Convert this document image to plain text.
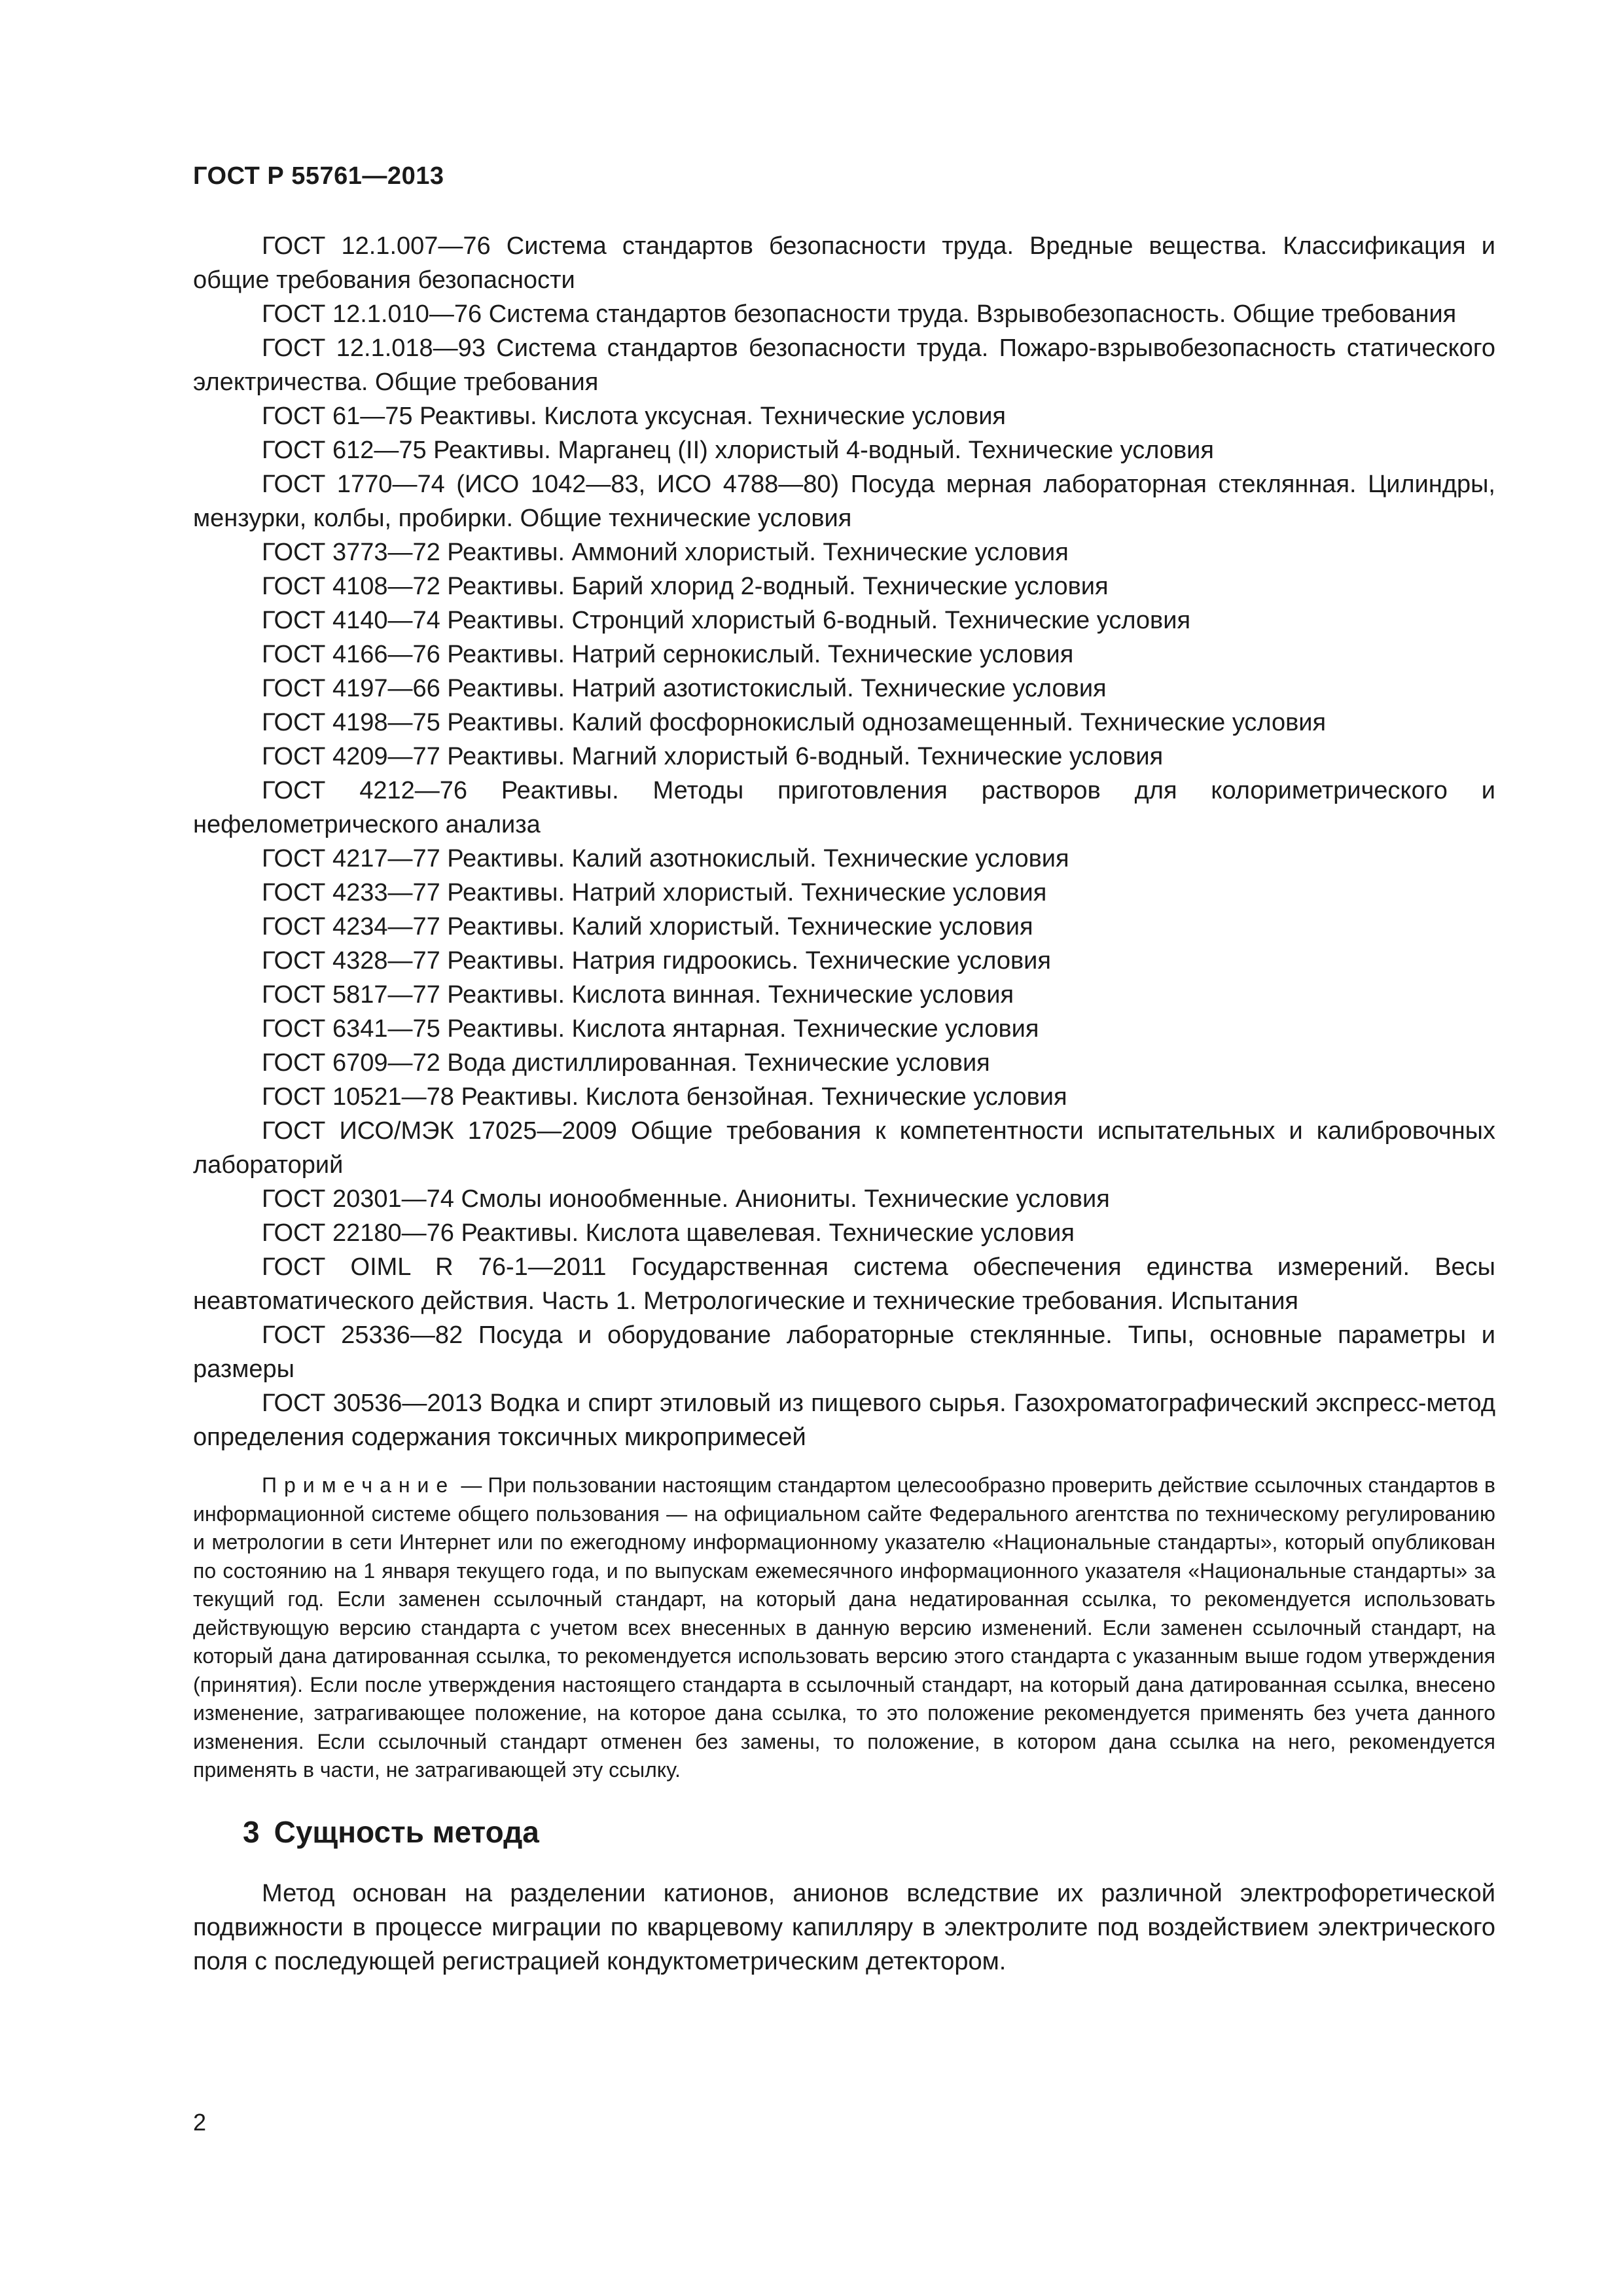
ГОСТ Р 55761—2013

ГОСТ 12.1.007—76 Система стандартов безопасности труда. Вредные вещества. Классификация и общие требования безопасности

ГОСТ 12.1.010—76 Система стандартов безопасности труда. Взрывобезопасность. Общие требования

ГОСТ 12.1.018—93 Система стандартов безопасности труда. Пожаро-взрывобезопасность статического электричества. Общие требования

ГОСТ 61—75 Реактивы. Кислота уксусная. Технические условия

ГОСТ 612—75 Реактивы. Марганец (II) хлористый 4-водный. Технические условия

ГОСТ 1770—74 (ИСО 1042—83, ИСО 4788—80) Посуда мерная лабораторная стеклянная. Цилиндры, мензурки, колбы, пробирки. Общие технические условия

ГОСТ 3773—72 Реактивы. Аммоний хлористый. Технические условия

ГОСТ 4108—72 Реактивы. Барий хлорид 2-водный. Технические условия

ГОСТ 4140—74 Реактивы. Стронций хлористый 6-водный. Технические условия

ГОСТ 4166—76 Реактивы. Натрий сернокислый. Технические условия

ГОСТ 4197—66 Реактивы. Натрий азотистокислый. Технические условия

ГОСТ 4198—75 Реактивы. Калий фосфорнокислый однозамещенный. Технические условия

ГОСТ 4209—77 Реактивы. Магний хлористый 6-водный. Технические условия

ГОСТ 4212—76 Реактивы. Методы приготовления растворов для колориметрического и нефелометрического анализа

ГОСТ 4217—77 Реактивы. Калий азотнокислый. Технические условия

ГОСТ 4233—77 Реактивы. Натрий хлористый. Технические условия

ГОСТ 4234—77 Реактивы. Калий хлористый. Технические условия

ГОСТ 4328—77 Реактивы. Натрия гидроокись. Технические условия

ГОСТ 5817—77 Реактивы. Кислота винная. Технические условия

ГОСТ 6341—75 Реактивы. Кислота янтарная. Технические условия

ГОСТ 6709—72 Вода дистиллированная. Технические условия

ГОСТ 10521—78 Реактивы. Кислота бензойная. Технические условия

ГОСТ ИСО/МЭК 17025—2009 Общие требования к компетентности испытательных и калибровочных лабораторий

ГОСТ 20301—74 Смолы ионообменные. Аниониты. Технические условия

ГОСТ 22180—76 Реактивы. Кислота щавелевая. Технические условия

ГОСТ OIML R 76-1—2011 Государственная система обеспечения единства измерений. Весы неавтоматического действия. Часть 1. Метрологические и технические требования. Испытания

ГОСТ 25336—82 Посуда и оборудование лабораторные стеклянные. Типы, основные параметры и размеры

ГОСТ 30536—2013 Водка и спирт этиловый из пищевого сырья. Газохроматографический экспресс-метод определения содержания токсичных микропримесей

Примечание — При пользовании настоящим стандартом целесообразно проверить действие ссылочных стандартов в информационной системе общего пользования — на официальном сайте Федерального агентства по техническому регулированию и метрологии в сети Интернет или по ежегодному информационному указателю «Национальные стандарты», который опубликован по состоянию на 1 января текущего года, и по выпускам ежемесячного информационного указателя «Национальные стандарты» за текущий год. Если заменен ссылочный стандарт, на который дана недатированная ссылка, то рекомендуется использовать действующую версию стандарта с учетом всех внесенных в данную версию изменений. Если заменен ссылочный стандарт, на который дана датированная ссылка, то рекомендуется использовать версию этого стандарта с указанным выше годом утверждения (принятия). Если после утверждения настоящего стандарта в ссылочный стандарт, на который дана датированная ссылка, внесено изменение, затрагивающее положение, на которое дана ссылка, то это положение рекомендуется применять без учета данного изменения. Если ссылочный стандарт отменен без замены, то положение, в котором дана ссылка на него, рекомендуется применять в части, не затрагивающей эту ссылку.

3 Сущность метода

Метод основан на разделении катионов, анионов вследствие их различной электрофоретической подвижности в процессе миграции по кварцевому капилляру в электролите под воздействием электрического поля с последующей регистрацией кондуктометрическим детектором.

2
